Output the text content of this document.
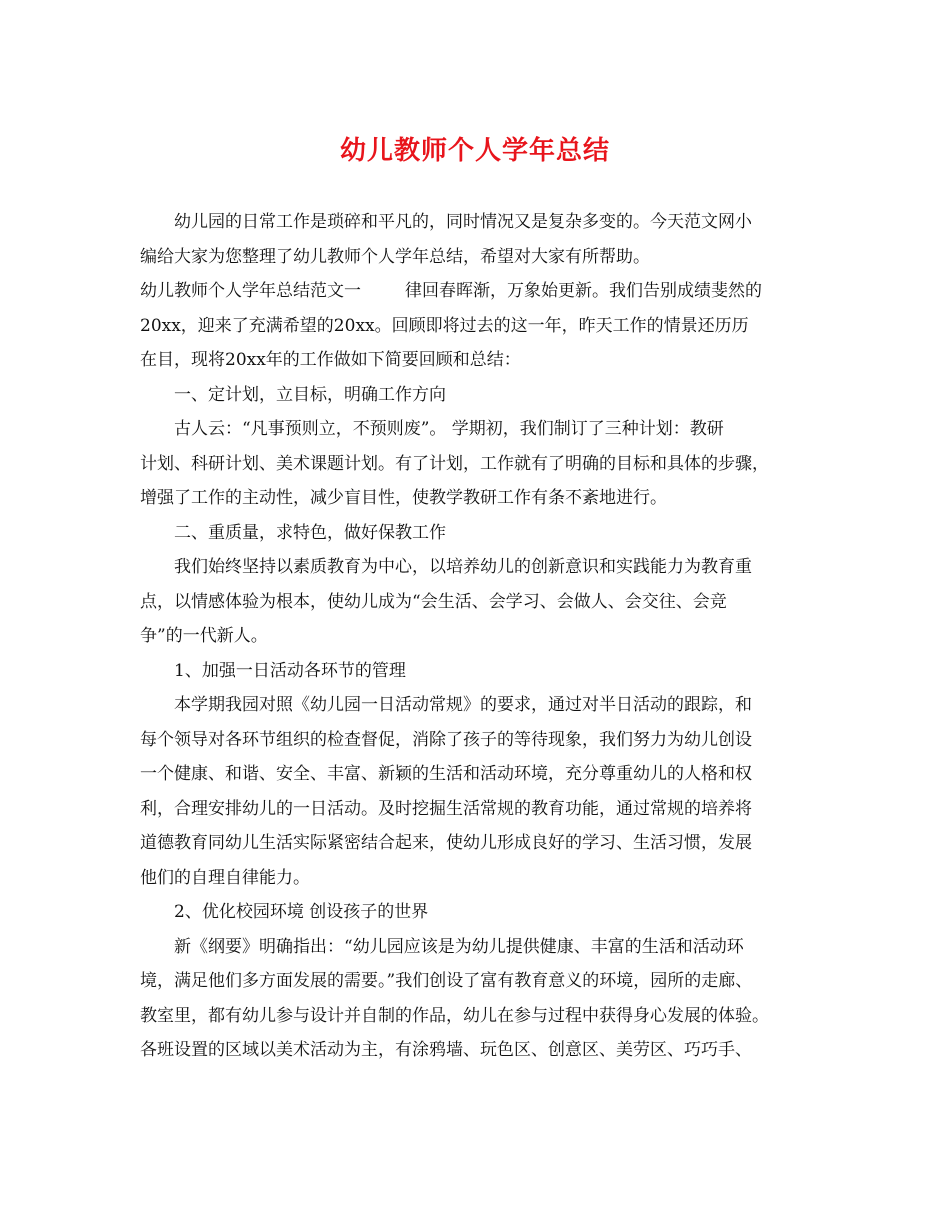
幼儿教师个人学年总结
幼儿园的日常工作是琐碎和平凡的，同时情况又是复杂多变的。今天范文网小
编给大家为您整理了幼儿教师个人学年总结，希望对大家有所帮助。
幼儿教师个人学年总结范文一	律回春晖渐，万象始更新。我们告别成绩斐然的
20xx，迎来了充满希望的20xx。回顾即将过去的这一年，昨天工作的情景还历历
在目，现将20xx年的工作做如下简要回顾和总结：
一、定计划，立目标，明确工作方向
古人云：“凡事预则立，不预则废”。 学期初，我们制订了三种计划：教研
计划、科研计划、美术课题计划。有了计划，工作就有了明确的目标和具体的步骤，
增强了工作的主动性，减少盲目性，使教学教研工作有条不紊地进行。
二、重质量，求特色，做好保教工作
我们始终坚持以素质教育为中心，以培养幼儿的创新意识和实践能力为教育重
点，以情感体验为根本，使幼儿成为“会生活、会学习、会做人、会交往、会竞
争”的一代新人。
1、加强一日活动各环节的管理
本学期我园对照《幼儿园一日活动常规》的要求，通过对半日活动的跟踪，和
每个领导对各环节组织的检查督促，消除了孩子的等待现象，我们努力为幼儿创设
一个健康、和谐、安全、丰富、新颖的生活和活动环境，充分尊重幼儿的人格和权
利，合理安排幼儿的一日活动。及时挖掘生活常规的教育功能，通过常规的培养将
道德教育同幼儿生活实际紧密结合起来，使幼儿形成良好的学习、生活习惯，发展
他们的自理自律能力。
2、优化校园环境 创设孩子的世界
新《纲要》明确指出：“幼儿园应该是为幼儿提供健康、丰富的生活和活动环
境，满足他们多方面发展的需要。”我们创设了富有教育意义的环境，园所的走廊、
教室里，都有幼儿参与设计并自制的作品，幼儿在参与过程中获得身心发展的体验。
各班设置的区域以美术活动为主，有涂鸦墙、玩色区、创意区、美劳区、巧巧手、
